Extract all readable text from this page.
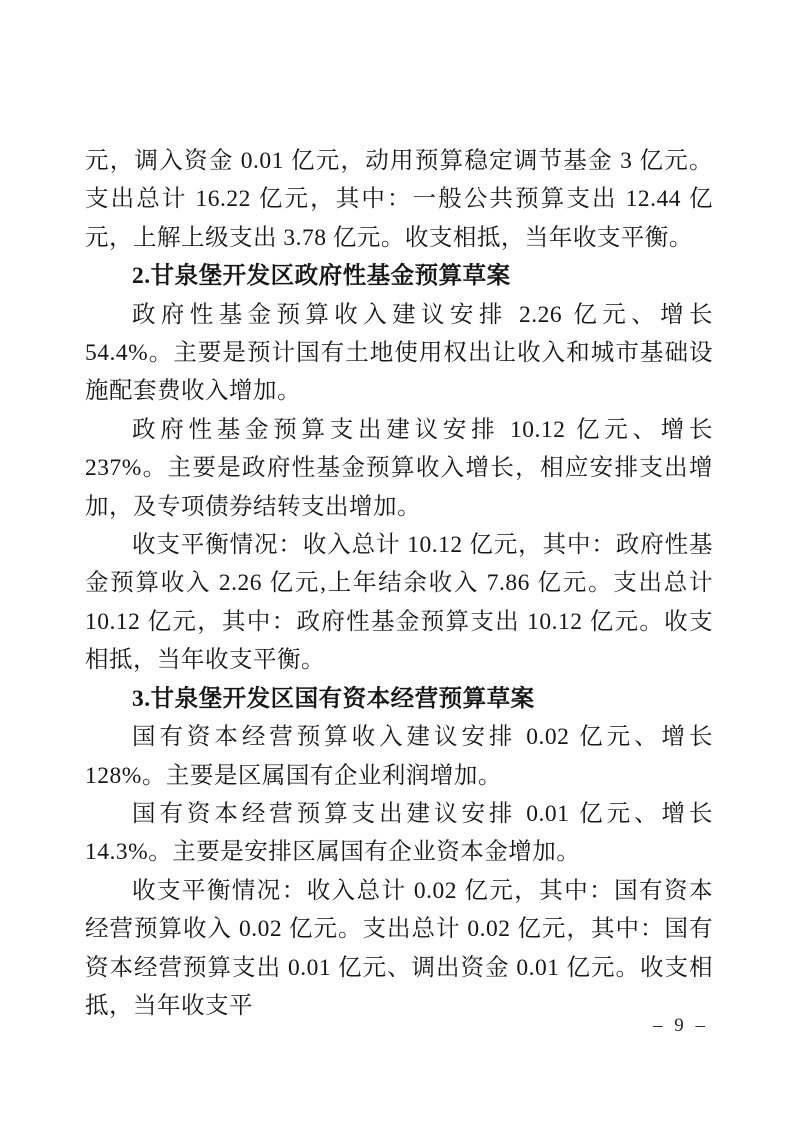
元，调入资金 0.01 亿元，动用预算稳定调节基金 3 亿元。支出总计 16.22 亿元，其中：一般公共预算支出 12.44 亿元，上解上级支出 3.78 亿元。收支相抵，当年收支平衡。

2.甘泉堡开发区政府性基金预算草案

政府性基金预算收入建议安排 2.26 亿元、增长 54.4%。主要是预计国有土地使用权出让收入和城市基础设施配套费收入增加。

政府性基金预算支出建议安排 10.12 亿元、增长 237%。主要是政府性基金预算收入增长，相应安排支出增加，及专项债券结转支出增加。

收支平衡情况：收入总计 10.12 亿元，其中：政府性基金预算收入 2.26 亿元,上年结余收入 7.86 亿元。支出总计 10.12 亿元，其中：政府性基金预算支出 10.12 亿元。收支相抵，当年收支平衡。

3.甘泉堡开发区国有资本经营预算草案

国有资本经营预算收入建议安排 0.02 亿元、增长 128%。主要是区属国有企业利润增加。

国有资本经营预算支出建议安排 0.01 亿元、增长 14.3%。主要是安排区属国有企业资本金增加。

收支平衡情况：收入总计 0.02 亿元，其中：国有资本经营预算收入 0.02 亿元。支出总计 0.02 亿元，其中：国有资本经营预算支出 0.01 亿元、调出资金 0.01 亿元。收支相抵，当年收支平

– 9 –
